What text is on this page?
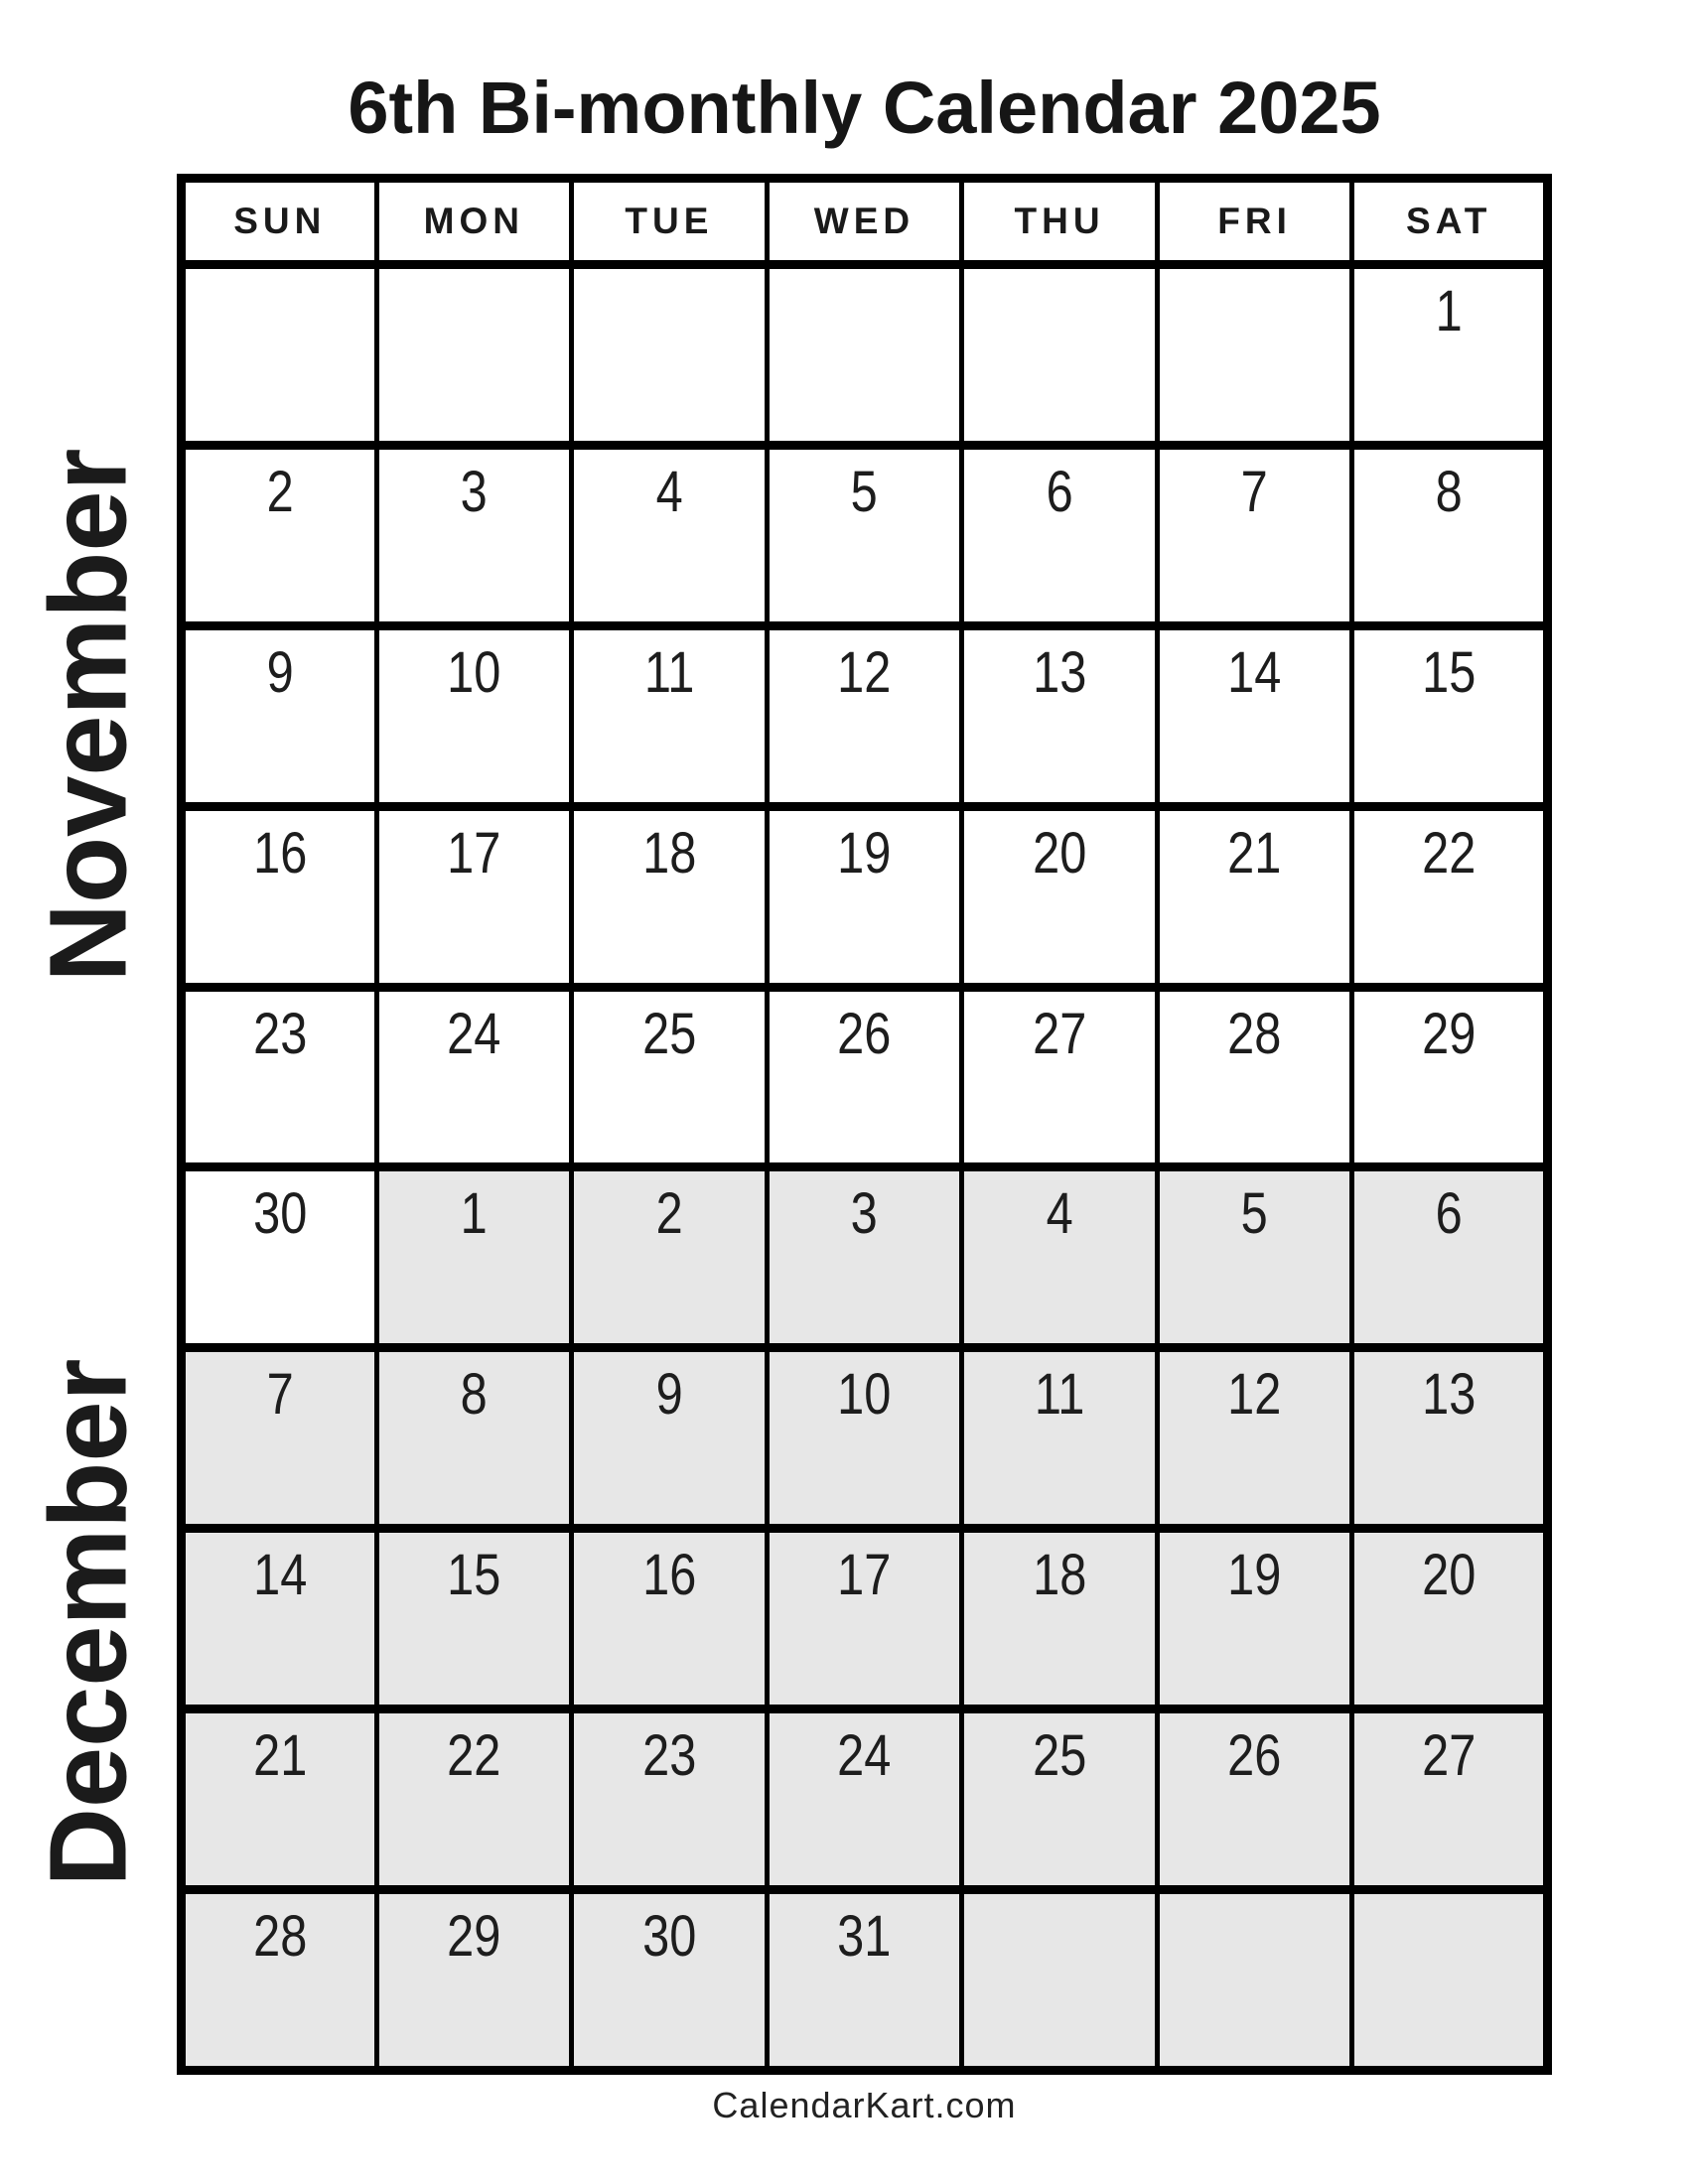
6th Bi-monthly Calendar 2025
November
December
SUN	MON	TUE	WED	THU	FRI	SAT
						1
2	3	4	5	6	7	8
9	10	11	12	13	14	15
16	17	18	19	20	21	22
23	24	25	26	27	28	29
30	1	2	3	4	5	6
7	8	9	10	11	12	13
14	15	16	17	18	19	20
21	22	23	24	25	26	27
28	29	30	31			
CalendarKart.com
